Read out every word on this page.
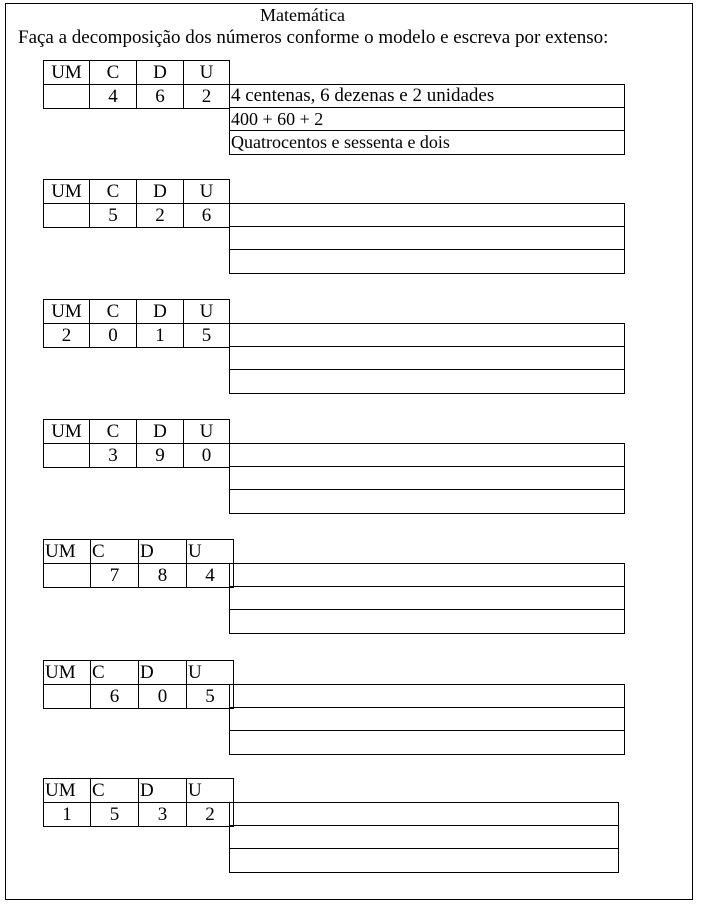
Matemática
Faça a decomposição dos números conforme o modelo e escreva por extenso:
UM	C	D	U
	4	6	2 4 centenas, 6 dezenas e 2 unidades
400 + 60 + 2
Quatrocentos e sessenta e dois
UM	C	D	U
	5	2	6
UM	C	D	U
2	0	1	5
UM	C	D	U
	3	9	0
UM	C	D	U
	7	8	4
UM	C	D	U
	6	0	5
UM	C	D	U
1	5	3	2
